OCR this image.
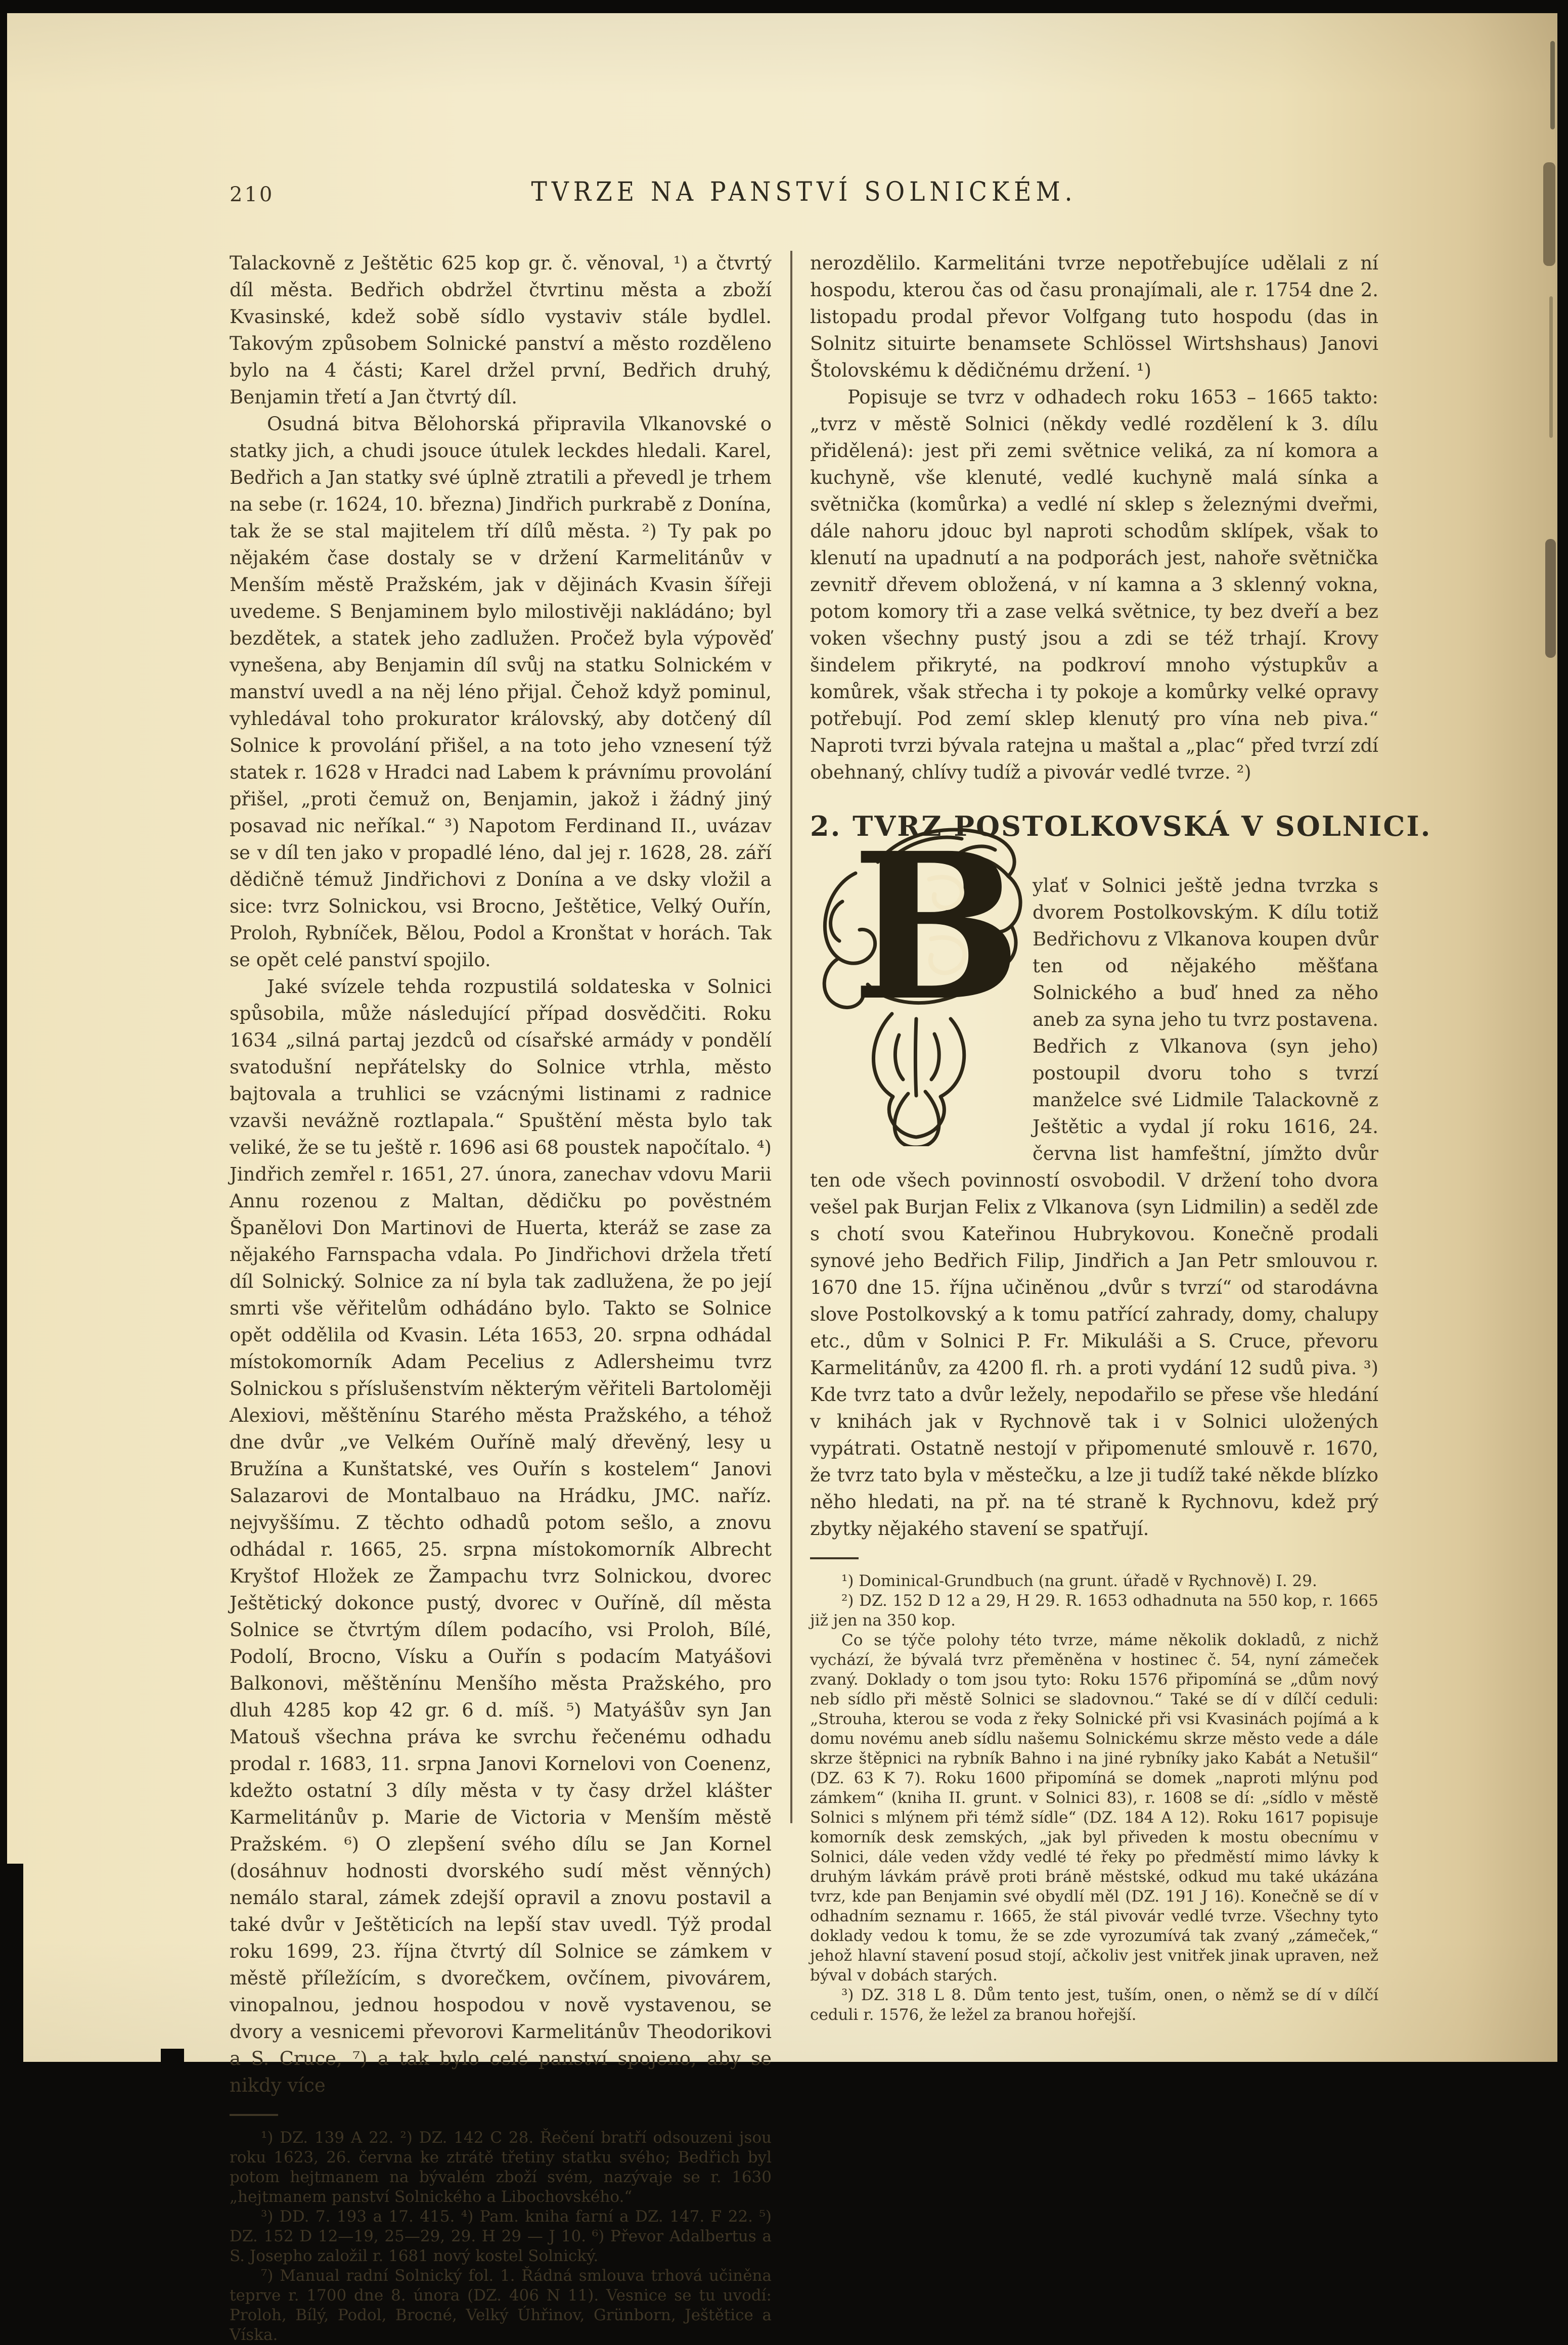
210	TVRZE NA PANSTVÍ SOLNICKÉM.

Talackovně z Ještětic 625 kop gr. č. věnoval, ¹) a čtvrtý díl města. Bedřich obdržel čtvrtinu města a zboží Kvasinské, kdež sobě sídlo vystaviv stále bydlel. Takovým způsobem Solnické panství a město rozděleno bylo na 4 části; Karel držel první, Bedřich druhý, Benjamin třetí a Jan čtvrtý díl.

Osudná bitva Bělohorská připravila Vlkanovské o statky jich, a chudi jsouce útulek leckdes hledali. Karel, Bedřich a Jan statky své úplně ztratili a převedl je trhem na sebe (r. 1624, 10. března) Jindřich purkrabě z Donína, tak že se stal majitelem tří dílů města. ²) Ty pak po nějakém čase dostaly se v držení Karmelitánův v Menším městě Pražském, jak v dějinách Kvasin šířeji uvedeme. S Benjaminem bylo milostivěji nakládáno; byl bezdětek, a statek jeho zadlužen. Pročež byla výpověď vynešena, aby Benjamin díl svůj na statku Solnickém v manství uvedl a na něj léno přijal. Čehož když pominul, vyhledával toho prokurator královský, aby dotčený díl Solnice k provolání přišel, a na toto jeho vznesení týž statek r. 1628 v Hradci nad Labem k právnímu provolání přišel, „proti čemuž on, Benjamin, jakož i žádný jiný posavad nic neříkal.“ ³) Napotom Ferdinand II., uvázav se v díl ten jako v propadlé léno, dal jej r. 1628, 28. září dědičně témuž Jindřichovi z Donína a ve dsky vložil a sice: tvrz Solnickou, vsi Brocno, Ještětice, Velký Ouřín, Proloh, Rybníček, Bělou, Podol a Kronštat v horách. Tak se opět celé panství spojilo.

Jaké svízele tehda rozpustilá soldateska v Solnici spůsobila, může následující případ dosvědčiti. Roku 1634 „silná partaj jezdců od císařské armády v pondělí svatodušní nepřátelsky do Solnice vtrhla, město bajtovala a truhlici se vzácnými listinami z radnice vzavši nevážně roztlapala.“ Spuštění města bylo tak veliké, že se tu ještě r. 1696 asi 68 poustek napočítalo. ⁴) Jindřich zemřel r. 1651, 27. února, zanechav vdovu Marii Annu rozenou z Maltan, dědičku po pověstném Španělovi Don Martinovi de Huerta, kteráž se zase za nějakého Farnspacha vdala. Po Jindřichovi držela třetí díl Solnický. Solnice za ní byla tak zadlužena, že po její smrti vše věřitelům odhádáno bylo. Takto se Solnice opět oddělila od Kvasin. Léta 1653, 20. srpna odhádal místokomorník Adam Pecelius z Adlersheimu tvrz Solnickou s příslušenstvím některým věřiteli Bartoloměji Alexiovi, měštěnínu Starého města Pražského, a téhož dne dvůr „ve Velkém Ouříně malý dřevěný, lesy u Bružína a Kunštatské, ves Ouřín s kostelem“ Janovi Salazarovi de Montalbauo na Hrádku, JMC. naříz. nejvyššímu. Z těchto odhadů potom sešlo, a znovu odhádal r. 1665, 25. srpna místokomorník Albrecht Kryštof Hložek ze Žampachu tvrz Solnickou, dvorec Ještětický dokonce pustý, dvorec v Ouříně, díl města Solnice se čtvrtým dílem podacího, vsi Proloh, Bílé, Podolí, Brocno, Vísku a Ouřín s podacím Matyášovi Balkonovi, měštěnínu Menšího města Pražského, pro dluh 4285 kop 42 gr. 6 d. míš. ⁵) Matyášův syn Jan Matouš všechna práva ke svrchu řečenému odhadu prodal r. 1683, 11. srpna Janovi Kornelovi von Coenenz, kdežto ostatní 3 díly města v ty časy držel klášter Karmelitánův p. Marie de Victoria v Menším městě Pražském. ⁶) O zlepšení svého dílu se Jan Kornel (dosáhnuv hodnosti dvorského sudí měst věnných) nemálo staral, zámek zdejší opravil a znovu postavil a také dvůr v Ještěticích na lepší stav uvedl. Týž prodal roku 1699, 23. října čtvrtý díl Solnice se zámkem v městě příležícím, s dvorečkem, ovčínem, pivovárem, vinopalnou, jednou hospodou v nově vystavenou, se dvory a vesnicemi převorovi Karmelitánův Theodorikovi a S. Cruce, ⁷) a tak bylo celé panství spojeno, aby se nikdy více

¹) DZ. 139 A 22. ²) DZ. 142 C 28. Řečení bratří odsouzeni jsou roku 1623, 26. června ke ztrátě třetiny statku svého; Bedřich byl potom hejtmanem na bývalém zboží svém, nazývaje se r. 1630 „hejtmanem panství Solnického a Libochovského.“

³) DD. 7. 193 a 17. 415. ⁴) Pam. kniha farní a DZ. 147. F 22. ⁵) DZ. 152 D 12—19, 25—29, 29. H 29 — J 10. ⁶) Převor Adalbertus a S. Josepho založil r. 1681 nový kostel Solnický.

⁷) Manual radní Solnický fol. 1. Řádná smlouva trhová učiněna teprve r. 1700 dne 8. února (DZ. 406 N 11). Vesnice se tu uvodí: Proloh, Bílý, Podol, Brocné, Velký Úhřinov, Grünborn, Ještětice a Víska.

nerozdělilo. Karmelitáni tvrze nepotřebujíce udělali z ní hospodu, kterou čas od času pronajímali, ale r. 1754 dne 2. listopadu prodal převor Volfgang tuto hospodu (das in Solnitz situirte benamsete Schlössel Wirtshshaus) Janovi Štolovskému k dědičnému držení. ¹)

Popisuje se tvrz v odhadech roku 1653 – 1665 takto: „tvrz v městě Solnici (někdy vedlé rozdělení k 3. dílu přidělená): jest při zemi světnice veliká, za ní komora a kuchyně, vše klenuté, vedlé kuchyně malá sínka a světnička (komůrka) a vedlé ní sklep s železnými dveřmi, dále nahoru jdouc byl naproti schodům sklípek, však to klenutí na upadnutí a na podporách jest, nahoře světnička zevnitř dřevem obložená, v ní kamna a 3 sklenný vokna, potom komory tři a zase velká světnice, ty bez dveří a bez voken všechny pustý jsou a zdi se též trhají. Krovy šindelem přikryté, na podkroví mnoho výstupkův a komůrek, však střecha i ty pokoje a komůrky velké opravy potřebují. Pod zemí sklep klenutý pro vína neb piva.“ Naproti tvrzi bývala ratejna u maštal a „plac“ před tvrzí zdí obehnaný, chlívy tudíž a pivovár vedlé tvrze. ²)

2. TVRZ POSTOLKOVSKÁ V SOLNICI.

B ylať v Solnici ještě jedna tvrzka s dvorem Postolkovským. K dílu totiž Bedřichovu z Vlkanova koupen dvůr ten od nějakého měšťana Solnického a buď hned za něho aneb za syna jeho tu tvrz postavena. Bedřich z Vlkanova (syn jeho) postoupil dvoru toho s tvrzí manželce své Lidmile Talackovně z Ještětic a vydal jí roku 1616, 24. června list hamfeštní, jímžto dvůr ten ode všech povinností osvobodil. V držení toho dvora vešel pak Burjan Felix z Vlkanova (syn Lidmilin) a seděl zde s chotí svou Kateřinou Hubrykovou. Konečně prodali synové jeho Bedřich Filip, Jindřich a Jan Petr smlouvou r. 1670 dne 15. října učiněnou „dvůr s tvrzí“ od starodávna slove Postolkovský a k tomu patřící zahrady, domy, chalupy etc., dům v Solnici P. Fr. Mikuláši a S. Cruce, převoru Karmelitánův, za 4200 fl. rh. a proti vydání 12 sudů piva. ³) Kde tvrz tato a dvůr ležely, nepodařilo se přese vše hledání v knihách jak v Rychnově tak i v Solnici uložených vypátrati. Ostatně nestojí v připomenuté smlouvě r. 1670, že tvrz tato byla v městečku, a lze ji tudíž také někde blízko něho hledati, na př. na té straně k Rychnovu, kdež prý zbytky nějakého stavení se spatřují.

¹) Dominical-Grundbuch (na grunt. úřadě v Rychnově) I. 29.

²) DZ. 152 D 12 a 29, H 29. R. 1653 odhadnuta na 550 kop, r. 1665 již jen na 350 kop.

Co se týče polohy této tvrze, máme několik dokladů, z nichž vychází, že bývalá tvrz přeměněna v hostinec č. 54, nyní zámeček zvaný. Doklady o tom jsou tyto: Roku 1576 připomíná se „dům nový neb sídlo při městě Solnici se sladovnou.“ Také se dí v dílčí ceduli: „Strouha, kterou se voda z řeky Solnické při vsi Kvasinách pojímá a k domu novému aneb sídlu našemu Solnickému skrze město vede a dále skrze štěpnici na rybník Bahno i na jiné rybníky jako Kabát a Netušil“ (DZ. 63 K 7). Roku 1600 připomíná se domek „naproti mlýnu pod zámkem“ (kniha II. grunt. v Solnici 83), r. 1608 se dí: „sídlo v městě Solnici s mlýnem při témž sídle“ (DZ. 184 A 12). Roku 1617 popisuje komorník desk zemských, „jak byl přiveden k mostu obecnímu v Solnici, dále veden vždy vedlé té řeky po předměstí mimo lávky k druhým lávkám právě proti bráně městské, odkud mu také ukázána tvrz, kde pan Benjamin své obydlí měl (DZ. 191 J 16). Konečně se dí v odhadním seznamu r. 1665, že stál pivovár vedlé tvrze. Všechny tyto doklady vedou k tomu, že se zde vyrozumívá tak zvaný „zámeček,“ jehož hlavní stavení posud stojí, ačkoliv jest vnitřek jinak upraven, než býval v dobách starých.

³) DZ. 318 L 8. Dům tento jest, tuším, onen, o němž se dí v dílčí ceduli r. 1576, že ležel za branou hořejší.
